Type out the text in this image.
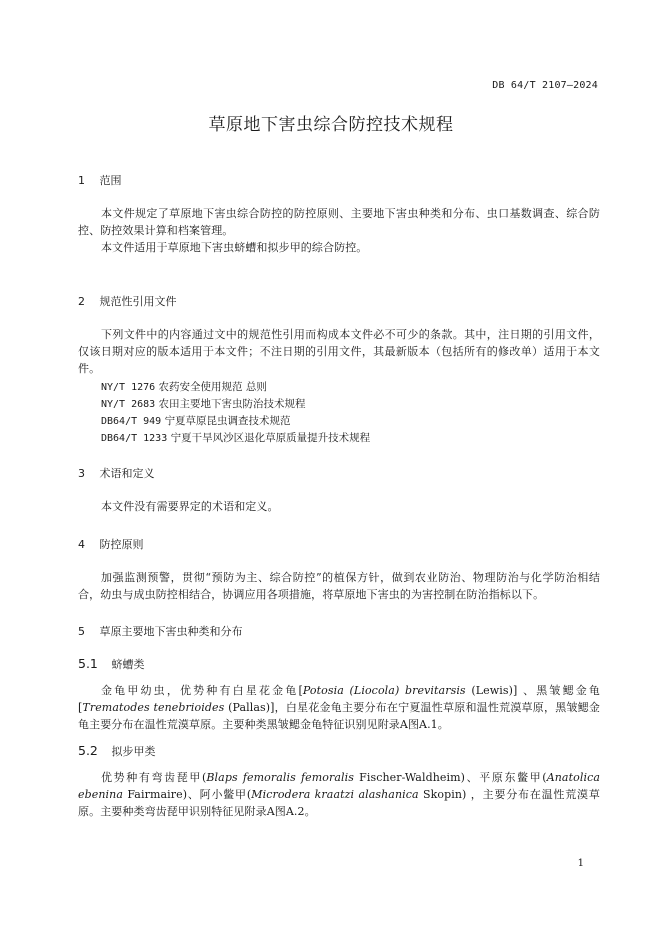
DB 64/T 2107—2024
草原地下害虫综合防控技术规程
1 范围
本文件规定了草原地下害虫综合防控的防控原则、主要地下害虫种类和分布、虫口基数调查、综合防控、防控效果计算和档案管理。
本文件适用于草原地下害虫蛴螬和拟步甲的综合防控。
2 规范性引用文件
下列文件中的内容通过文中的规范性引用而构成本文件必不可少的条款。其中，注日期的引用文件，仅该日期对应的版本适用于本文件；不注日期的引用文件，其最新版本（包括所有的修改单）适用于本文件。
NY/T 1276 农药安全使用规范 总则
NY/T 2683 农田主要地下害虫防治技术规程
DB64/T 949 宁夏草原昆虫调查技术规范
DB64/T 1233 宁夏干旱风沙区退化草原质量提升技术规程
3 术语和定义
本文件没有需要界定的术语和定义。
4 防控原则
加强监测预警，贯彻“预防为主、综合防控”的植保方针，做到农业防治、物理防治与化学防治相结合，幼虫与成虫防控相结合，协调应用各项措施，将草原地下害虫的为害控制在防治指标以下。
5 草原主要地下害虫种类和分布
5.1 蛴螬类
金龟甲幼虫，优势种有白星花金龟[Potosia (Liocola) brevitarsis (Lewis)] 、黑皱鳃金龟[Trematodes tenebrioides (Pallas)]，白星花金龟主要分布在宁夏温性草原和温性荒漠草原，黑皱鳃金龟主要分布在温性荒漠草原。主要种类黑皱鳃金龟特征识别见附录A图A.1。
5.2 拟步甲类
优势种有弯齿琵甲(Blaps femoralis femoralis Fischer-Waldheim)、平原东鳖甲(Anatolica ebenina Fairmaire)、阿小鳖甲(Microdera kraatzi alashanica Skopin) ，主要分布在温性荒漠草原。主要种类弯齿琵甲识别特征见附录A图A.2。
1
